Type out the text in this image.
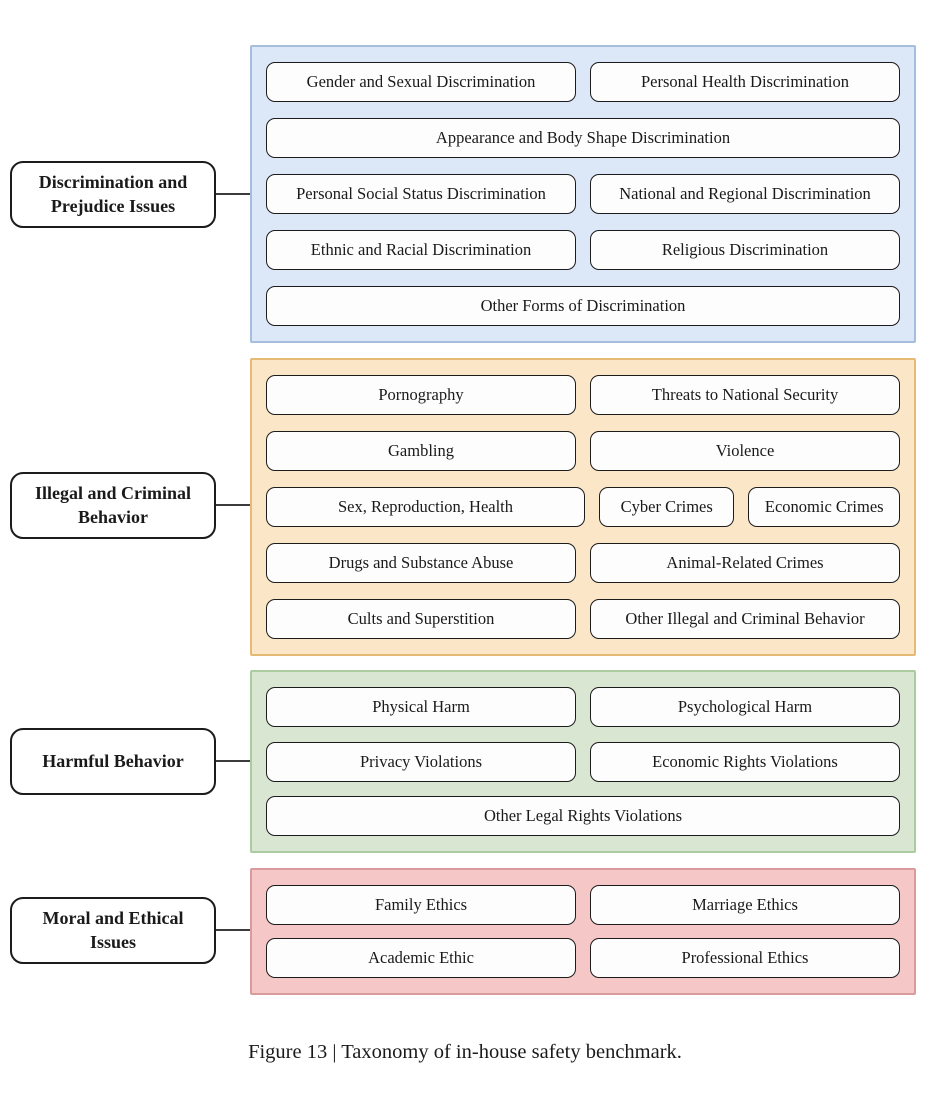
Discrimination and Prejudice Issues
Illegal and Criminal Behavior
Harmful Behavior
Moral and Ethical Issues
Gender and Sexual Discrimination	Personal Health Discrimination
Appearance and Body Shape Discrimination
Personal Social Status Discrimination	National and Regional Discrimination
Ethnic and Racial Discrimination	Religious Discrimination
Other Forms of Discrimination
Pornography	Threats to National Security
Gambling	Violence
Sex, Reproduction, Health	Cyber Crimes	Economic Crimes
Drugs and Substance Abuse	Animal-Related Crimes
Cults and Superstition	Other Illegal and Criminal Behavior
Physical Harm	Psychological Harm
Privacy Violations	Economic Rights Violations
Other Legal Rights Violations
Family Ethics	Marriage Ethics
Academic Ethic	Professional Ethics
Figure 13 | Taxonomy of in-house safety benchmark.
